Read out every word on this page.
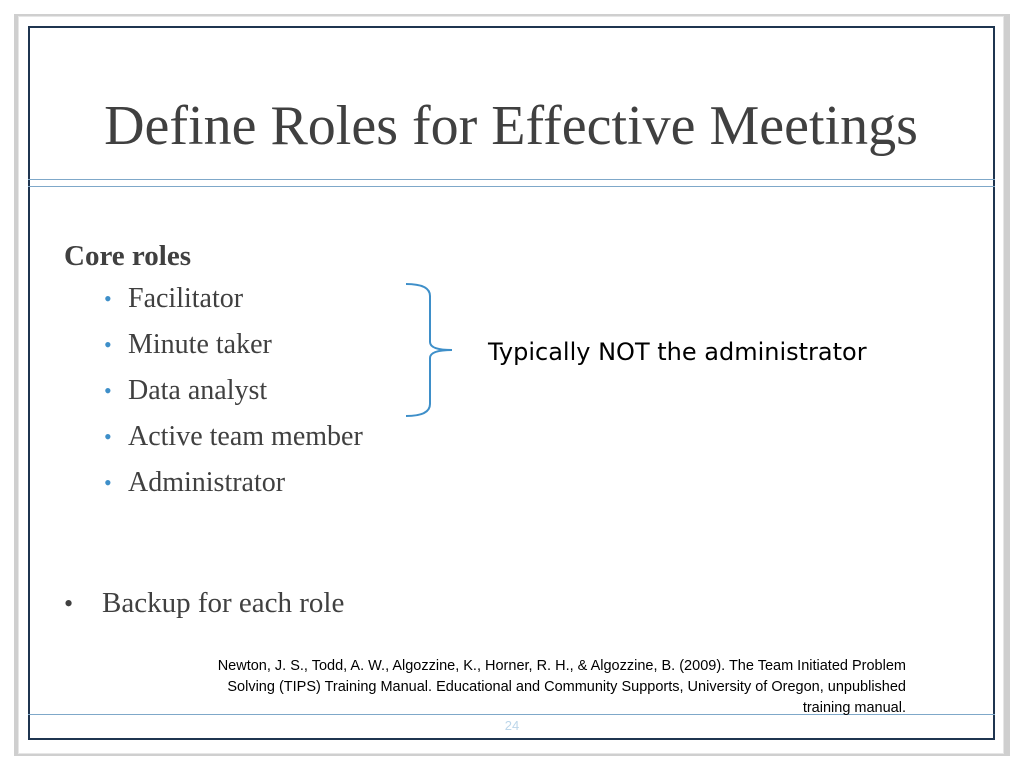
Define Roles for Effective Meetings

Core roles

• Facilitator
• Minute taker
• Data analyst
• Active team member
• Administrator
Typically NOT the administrator
• Backup for each role
Newton, J. S., Todd, A. W., Algozzine, K., Horner, R. H., & Algozzine, B. (2009). The Team Initiated Problem
Solving (TIPS) Training Manual. Educational and Community Supports, University of Oregon, unpublished
training manual.
24
